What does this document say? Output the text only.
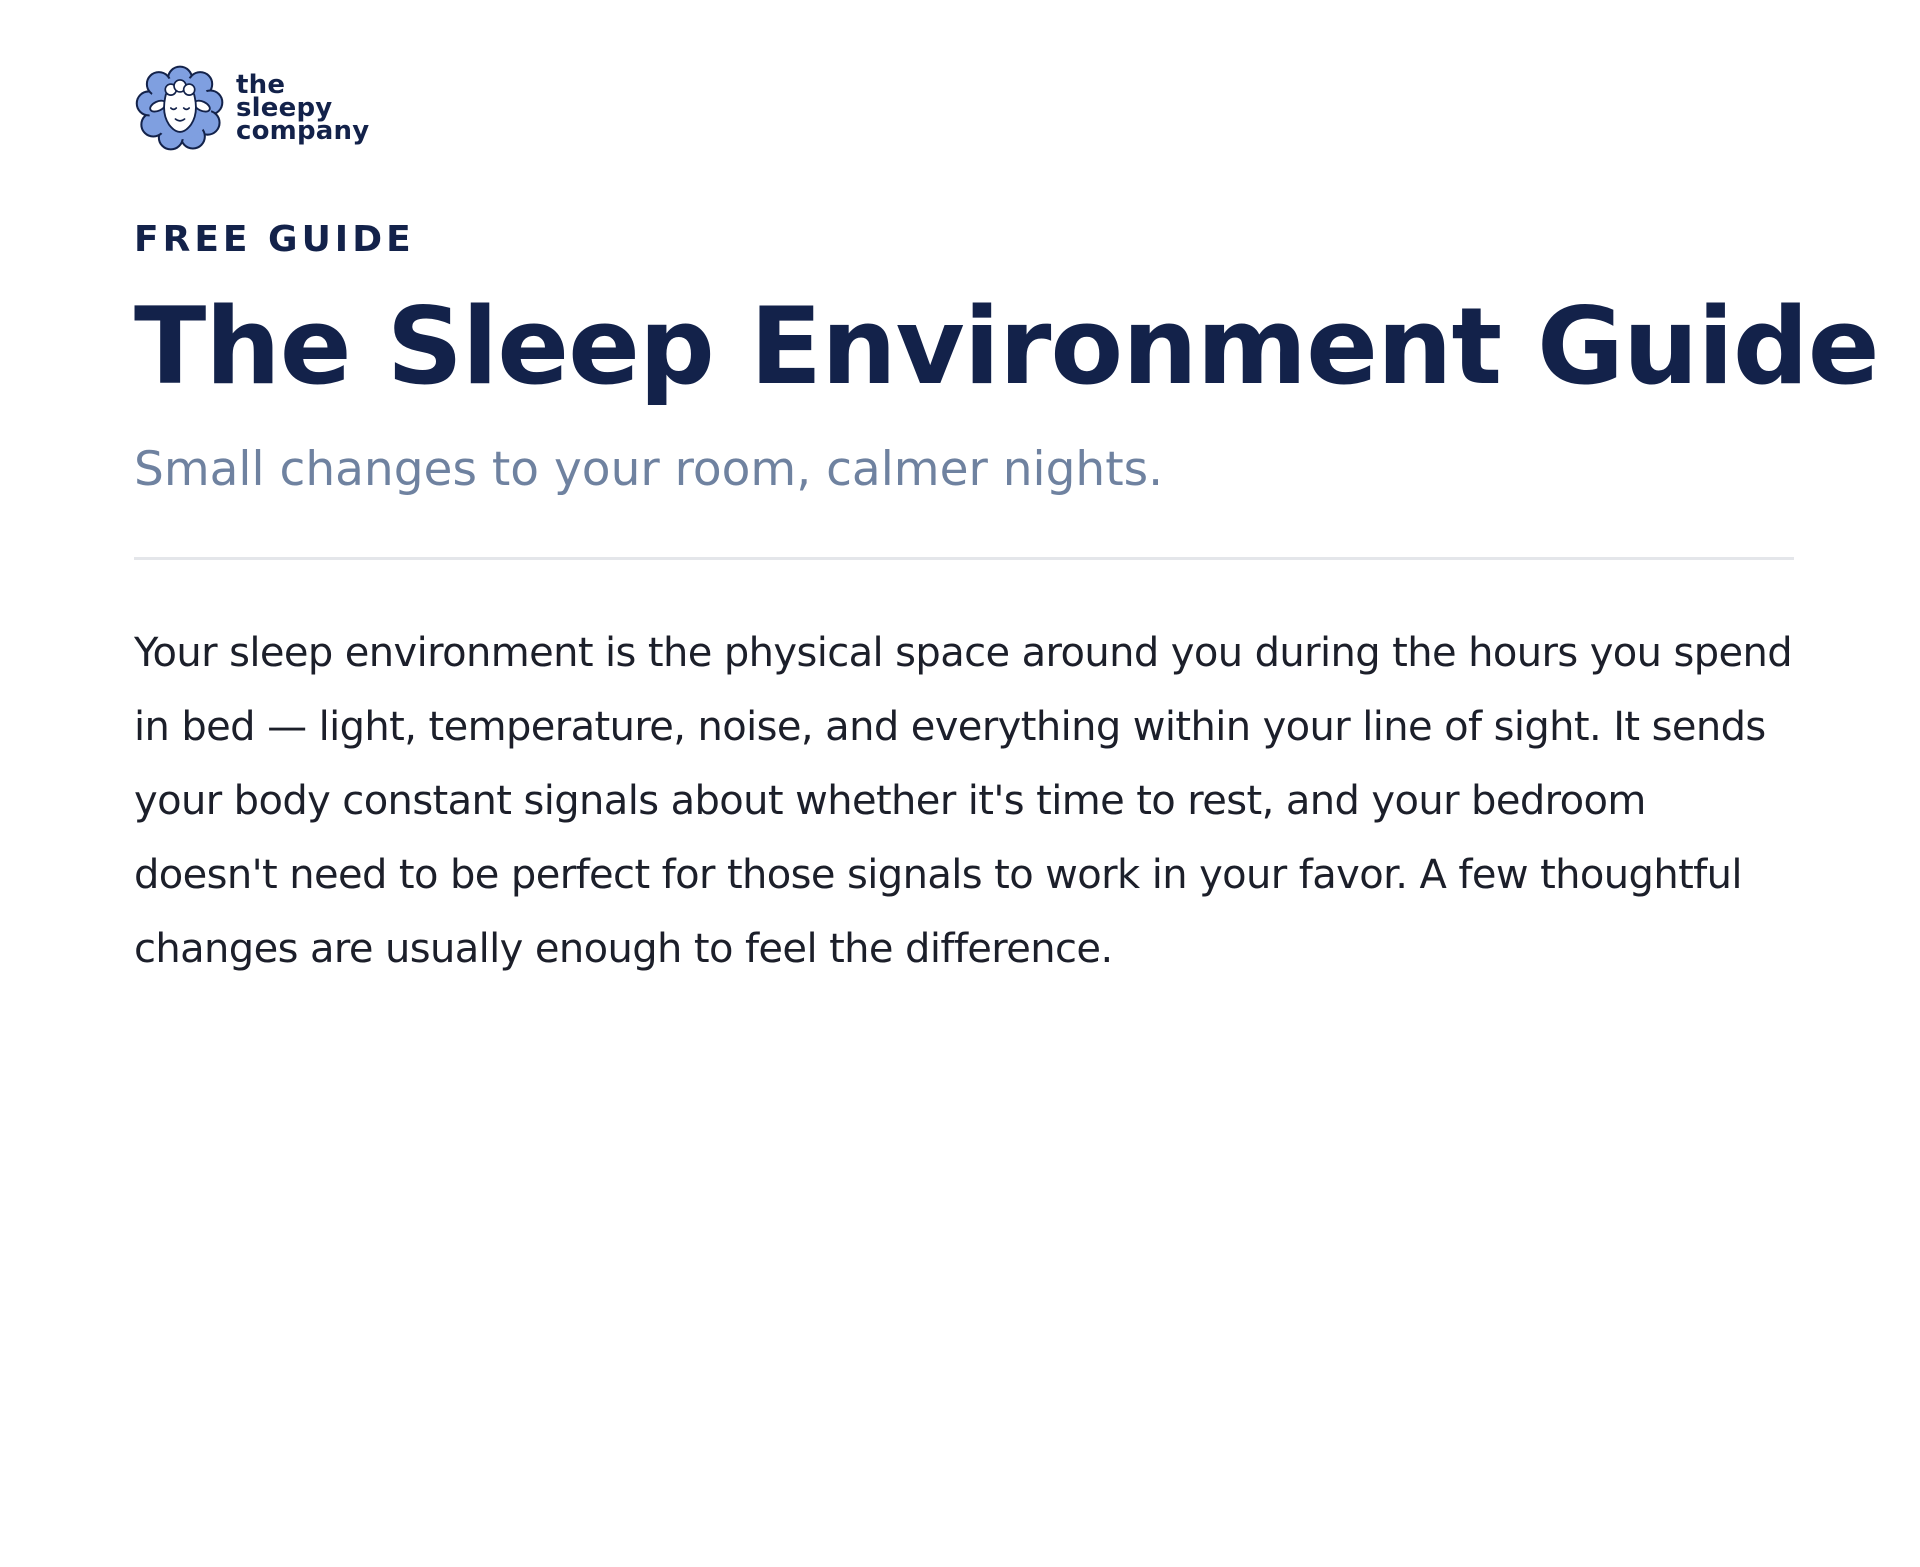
the
sleepy
company
FREE GUIDE
The Sleep Environment Guide
Small changes to your room, calmer nights.

Your sleep environment is the physical space around you during the hours you spend in bed — light, temperature, noise, and everything within your line of sight. It sends your body constant signals about whether it's time to rest, and your bedroom doesn't need to be perfect for those signals to work in your favor. A few thoughtful changes are usually enough to feel the difference.
